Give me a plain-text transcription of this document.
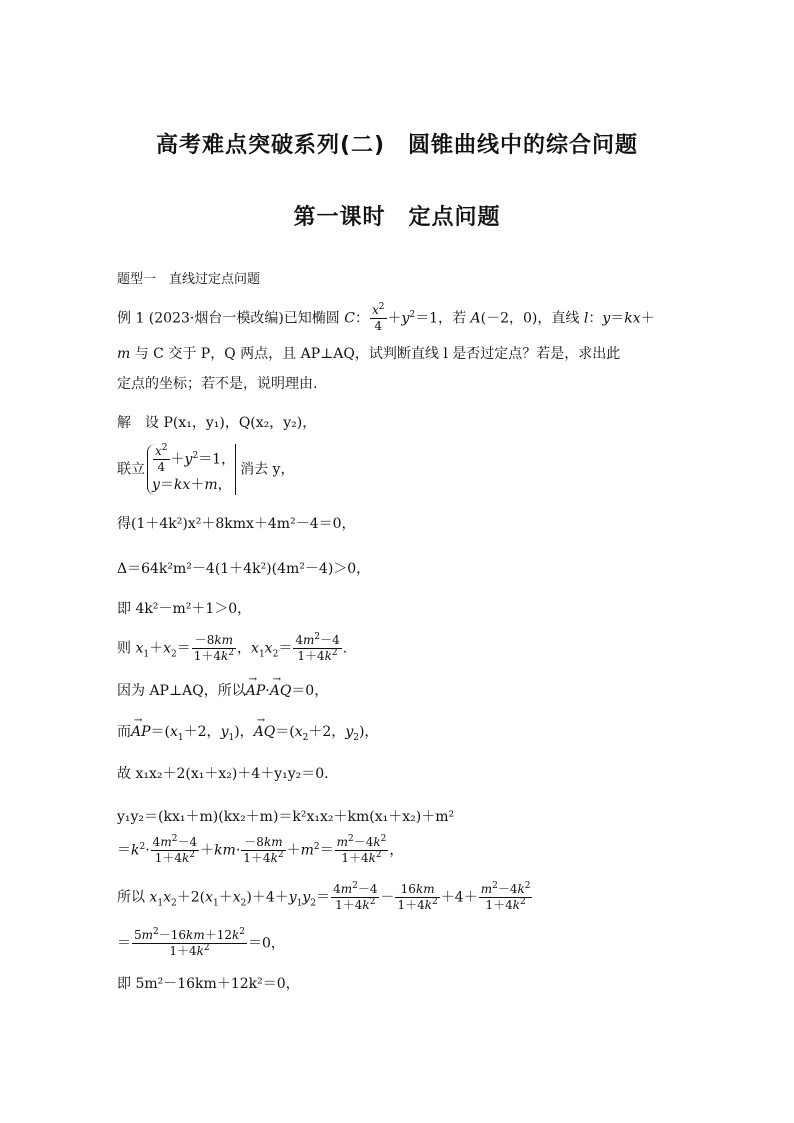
高考难点突破系列(二)　圆锥曲线中的综合问题
第一课时　定点问题
题型一　直线过定点问题
例 1 (2023·烟台一模改编)已知椭圆 C： $\frac{x^2}{4} +y^2=1$，若 A(－2，0)，直线 l：y＝kx＋
m 与 C 交于 P，Q 两点，且 AP⊥AQ，试判断直线 l 是否过定点？若是，求出此
定点的坐标；若不是，说明理由.
解　 设 P(x₁，y₁)，Q(x₂，y₂)，
联立 $\frac{x^2}{4} +y^2=1$，
y＝kx＋m，
消去 y，
得(1＋4k²)x²＋8kmx＋4m²－4＝0，
Δ＝64k²m²－4(1＋4k²)(4m²－4)＞0，
即 4k²－m²＋1＞0，
则 $x_1+x_2= \frac{-8km}{1+4k^2}$ ，$x_1x_2= \frac{4m^2-4}{1+4k^2}$ .
因为 AP⊥AQ，所以→ AP·→ AQ＝0，
而→ $AP=(x_1+2$，$y_1$)，→ $AQ=(x_2+2$，$y_2$)，
故 x₁x₂＋2(x₁＋x₂)＋4＋y₁y₂＝0.
y₁y₂＝(kx₁＋m)(kx₂＋m)＝k²x₁x₂＋km(x₁＋x₂)＋m²
$=k^2\cdot \frac{4m^2-4}{1+4k^2} +km\cdot \frac{-8km}{1+4k^2} +m^2= \frac{m^2-4k^2}{1+4k^2}$ ，
所以 $x_1x_2+2(x_1+x_2)+4+y_1y_2= \frac{4m^2-4}{1+4k^2} - \frac{16km}{1+4k^2} +4+ \frac{m^2-4k^2}{1+4k^2}$
＝ $\frac{5m^2-16km+12k^2}{1+4k^2} =0$，
即 5m²－16km＋12k²＝0，
